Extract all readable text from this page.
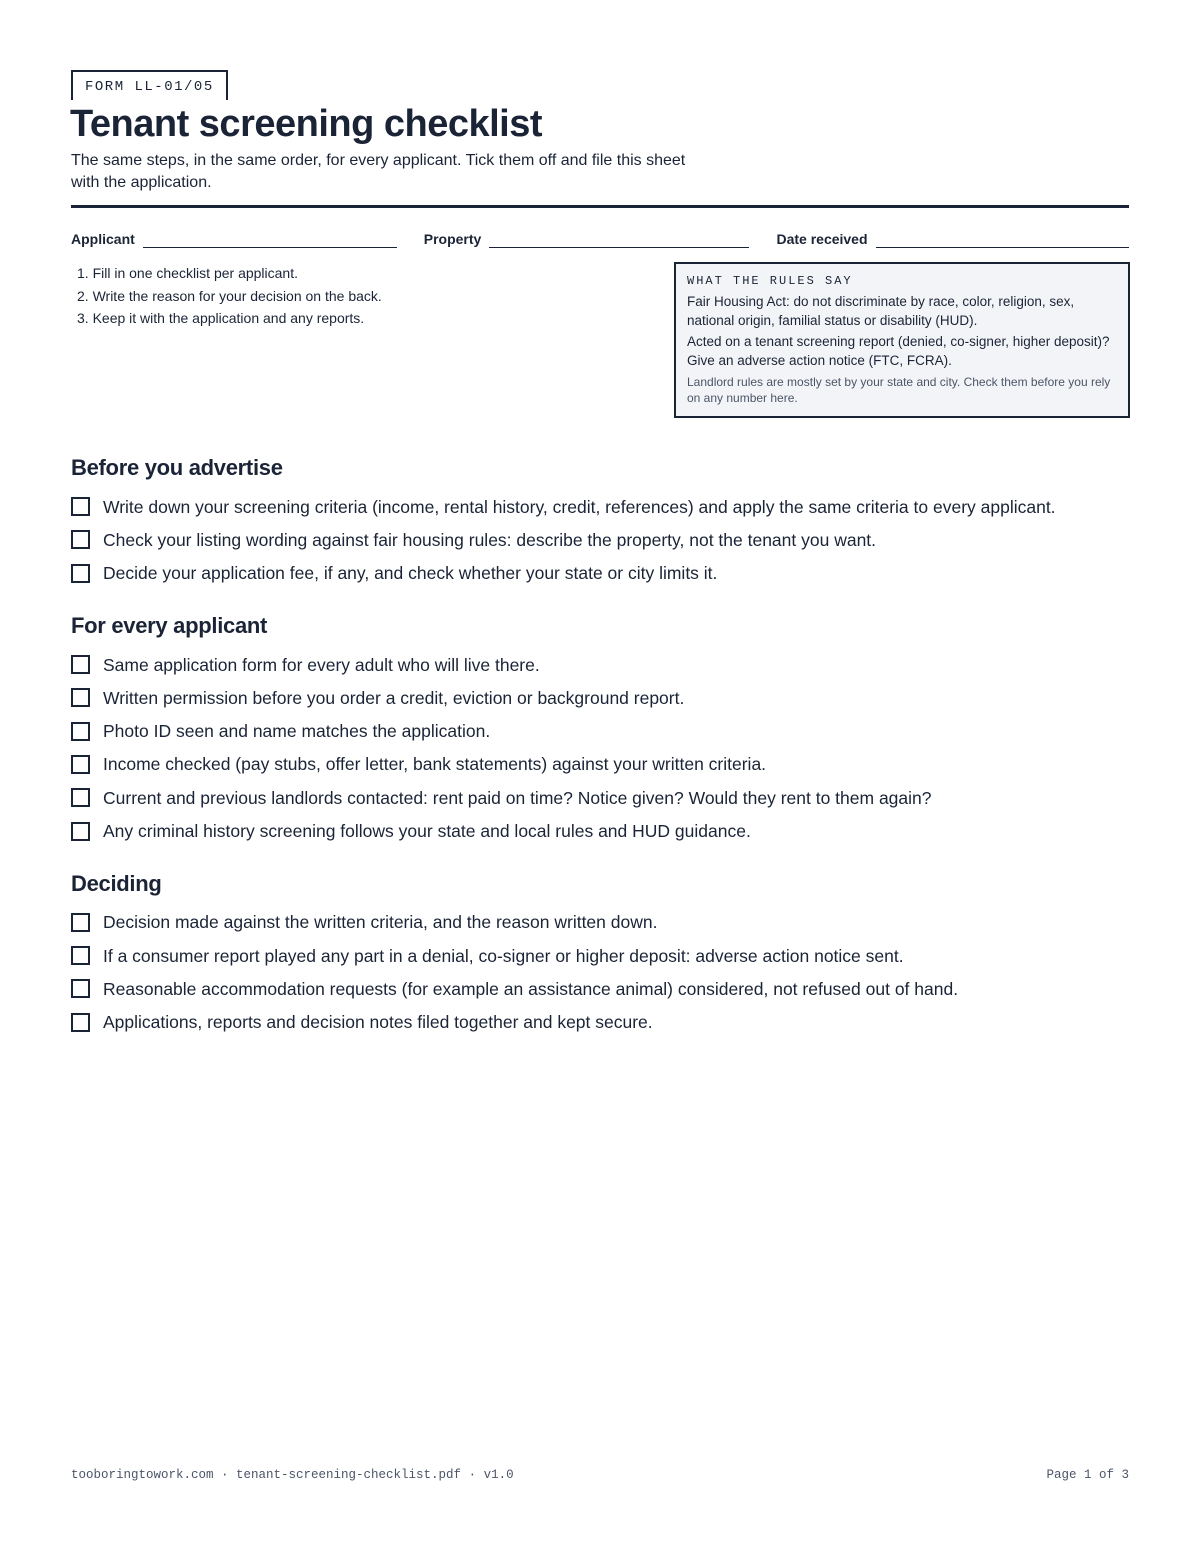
FORM LL-01/05
Tenant screening checklist
The same steps, in the same order, for every applicant. Tick them off and file this sheet with the application.
Applicant	Property	Date received
1. Fill in one checklist per applicant.
2. Write the reason for your decision on the back.
3. Keep it with the application and any reports.
WHAT THE RULES SAY
Fair Housing Act: do not discriminate by race, color, religion, sex, national origin, familial status or disability (HUD).
Acted on a tenant screening report (denied, co-signer, higher deposit)? Give an adverse action notice (FTC, FCRA).
Landlord rules are mostly set by your state and city. Check them before you rely on any number here.
Before you advertise
Write down your screening criteria (income, rental history, credit, references) and apply the same criteria to every applicant.
Check your listing wording against fair housing rules: describe the property, not the tenant you want.
Decide your application fee, if any, and check whether your state or city limits it.
For every applicant
Same application form for every adult who will live there.
Written permission before you order a credit, eviction or background report.
Photo ID seen and name matches the application.
Income checked (pay stubs, offer letter, bank statements) against your written criteria.
Current and previous landlords contacted: rent paid on time? Notice given? Would they rent to them again?
Any criminal history screening follows your state and local rules and HUD guidance.
Deciding
Decision made against the written criteria, and the reason written down.
If a consumer report played any part in a denial, co-signer or higher deposit: adverse action notice sent.
Reasonable accommodation requests (for example an assistance animal) considered, not refused out of hand.
Applications, reports and decision notes filed together and kept secure.
tooboringtowork.com · tenant-screening-checklist.pdf · v1.0	Page 1 of 3
